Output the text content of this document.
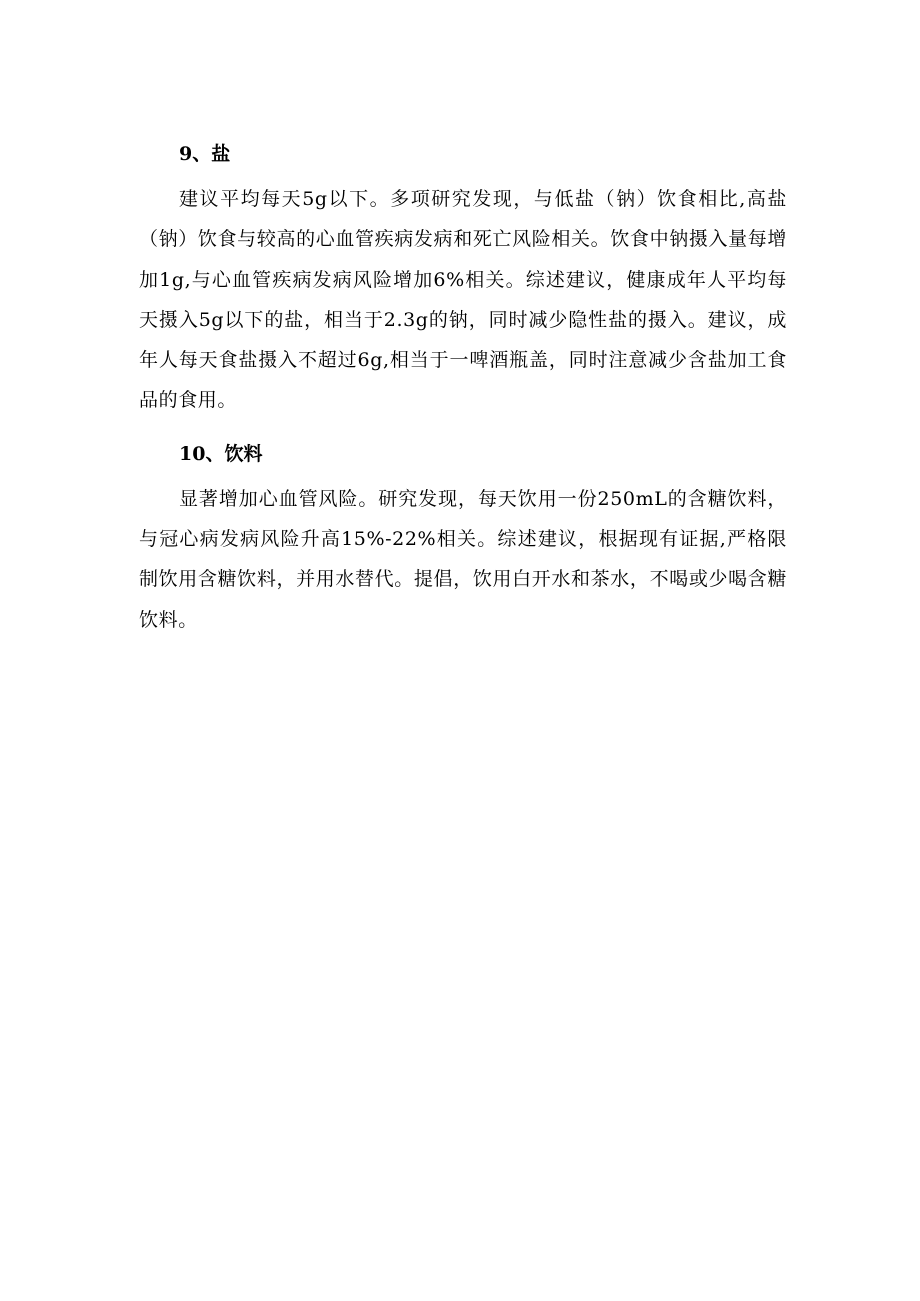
9、盐

建议平均每天5g以下。多项研究发现，与低盐（钠）饮食相比,高盐（钠）饮食与较高的心血管疾病发病和死亡风险相关。饮食中钠摄入量每增加1g,与心血管疾病发病风险增加6%相关。综述建议，健康成年人平均每天摄入5g以下的盐，相当于2.3g的钠，同时减少隐性盐的摄入。建议，成年人每天食盐摄入不超过6g,相当于一啤酒瓶盖，同时注意减少含盐加工食品的食用。

10、饮料

显著增加心血管风险。研究发现，每天饮用一份250mL的含糖饮料，与冠心病发病风险升高15%-22%相关。综述建议，根据现有证据,严格限制饮用含糖饮料，并用水替代。提倡，饮用白开水和茶水，不喝或少喝含糖饮料。
